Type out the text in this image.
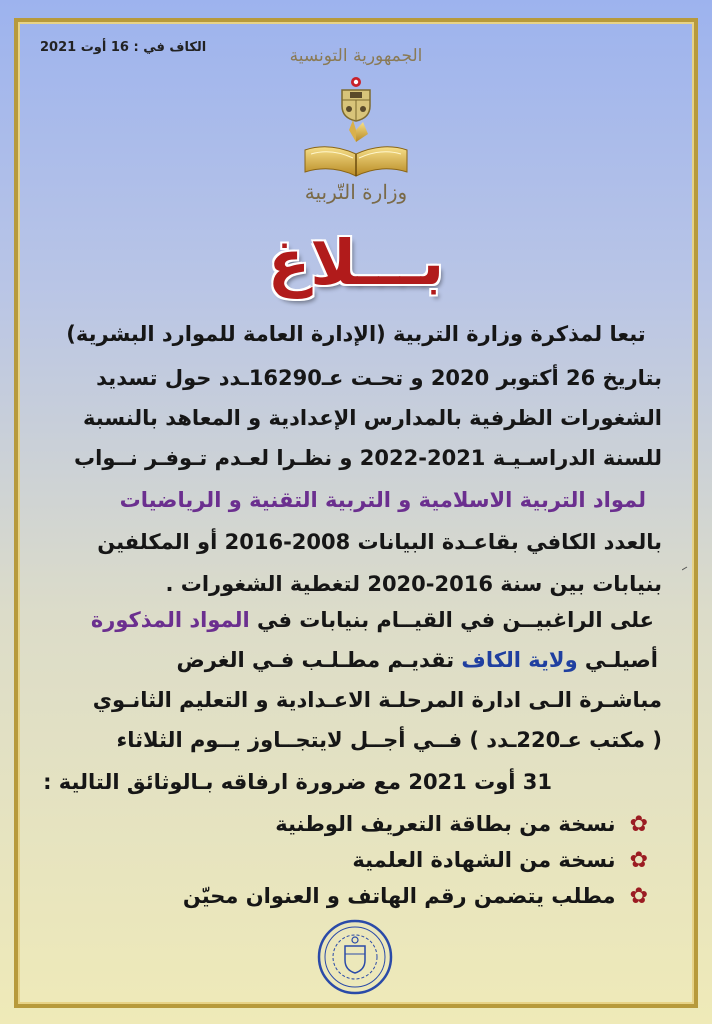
الكاف في : 16 أوت 2021	الجمهورية التونسية
وزارة التّربية
بـــلاغ
تبعا لمذكرة وزارة التربية (الإدارة العامة للموارد البشرية)
بتاريخ 26 أكتوبر 2020 و تحـت عـ16290ـدد حول تسديد
الشغورات الظرفية بالمدارس الإعدادية و المعاهد بالنسبة
للسنة الدراسـيـة 2021-2022 و نظـرا لعـدم تـوفـر نــواب
لمواد التربية الاسلامية و التربية التقنية و الرياضيات
بالعدد الكافي بقاعـدة البيانات 2008-2016 أو المكلفين
بنيابات بين سنة 2016-2020 لتغطية الشغورات .
على الراغبيــن في القيــام بنيابات في المواد المذكورة
أصيلـي ولاية الكاف تقديـم مطـلـب فـي الغرض
مباشـرة الـى ادارة المرحلـة الاعـدادية و التعليم الثانـوي
( مكتب عـ220ـدد ) فــي أجــل لايتجــاوز يــوم الثلاثاء
31 أوت 2021 مع ضرورة ارفاقه بـالوثائق التالية :
✿نسخة من بطاقة التعريف الوطنية
✿نسخة من الشهادة العلمية
✿مطلب يتضمن رقم الهاتف و العنوان محيّن
